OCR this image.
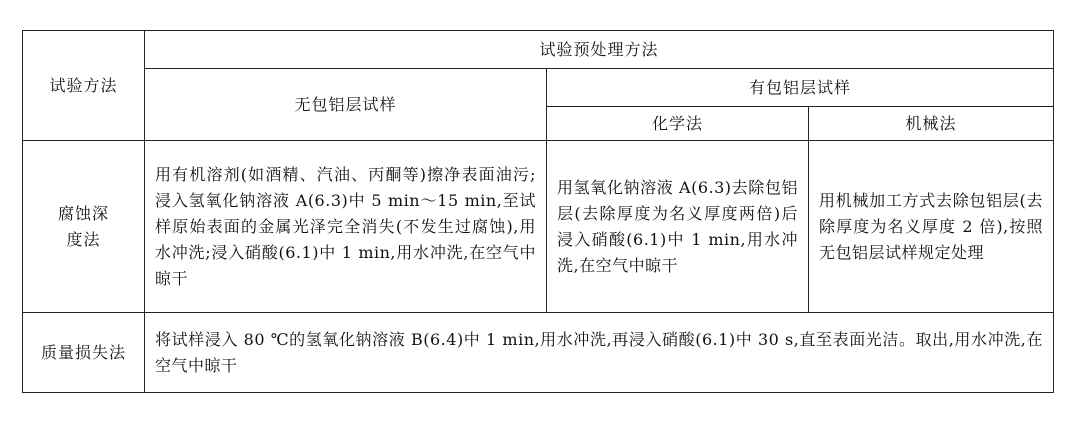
试验方法	试验预处理方法		
	无包铝层试样	有包铝层试样	
		化学法	机械法
腐蚀深度法	用有机溶剂(如酒精、汽油、丙酮等)擦净表面油污;浸入氢氧化钠溶液 A(6.3)中 5 min～15 min,至试样原始表面的金属光泽完全消失(不发生过腐蚀),用水冲洗;浸入硝酸(6.1)中 1 min,用水冲洗,在空气中晾干	用氢氧化钠溶液 A(6.3)去除包铝层(去除厚度为名义厚度两倍)后浸入硝酸(6.1)中 1 min,用水冲洗,在空气中晾干	用机械加工方式去除包铝层(去除厚度为名义厚度 2 倍),按照无包铝层试样规定处理
质量损失法	将试样浸入 80 ℃的氢氧化钠溶液 B(6.4)中 1 min,用水冲洗,再浸入硝酸(6.1)中 30 s,直至表面光洁。取出,用水冲洗,在空气中晾干		
